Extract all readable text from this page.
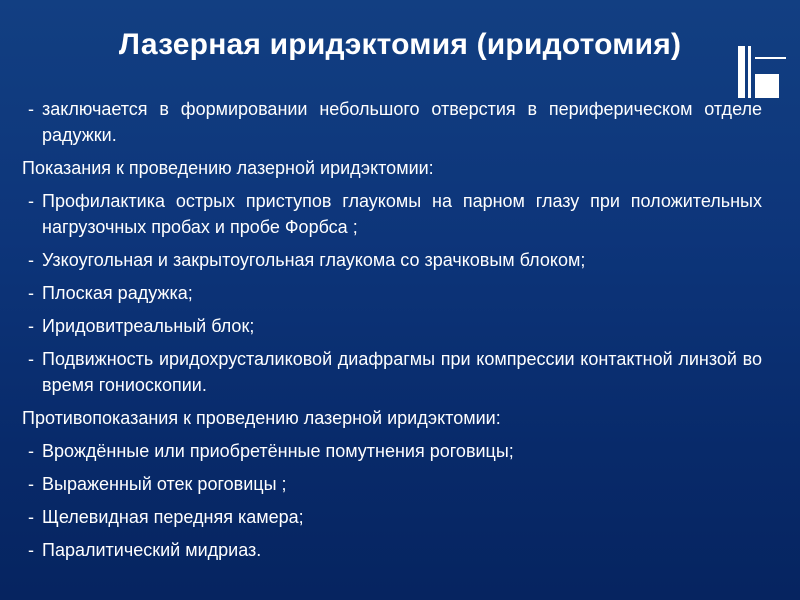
Лазерная иридэктомия (иридотомия)

- заключается в формировании небольшого отверстия в периферическом отделе радужки.

Показания к проведению лазерной иридэктомии:

- Профилактика острых приступов глаукомы на парном глазу при положительных нагрузочных пробах и пробе Форбса ;

- Узкоугольная и закрытоугольная глаукома со зрачковым блоком;

- Плоская радужка;

- Иридовитреальный блок;

- Подвижность иридохрусталиковой диафрагмы при компрессии контактной линзой во время гониоскопии.

Противопоказания к проведению лазерной иридэктомии:

- Врождённые или приобретённые помутнения роговицы;

- Выраженный отек роговицы ;

- Щелевидная передняя камера;

- Паралитический мидриаз.
